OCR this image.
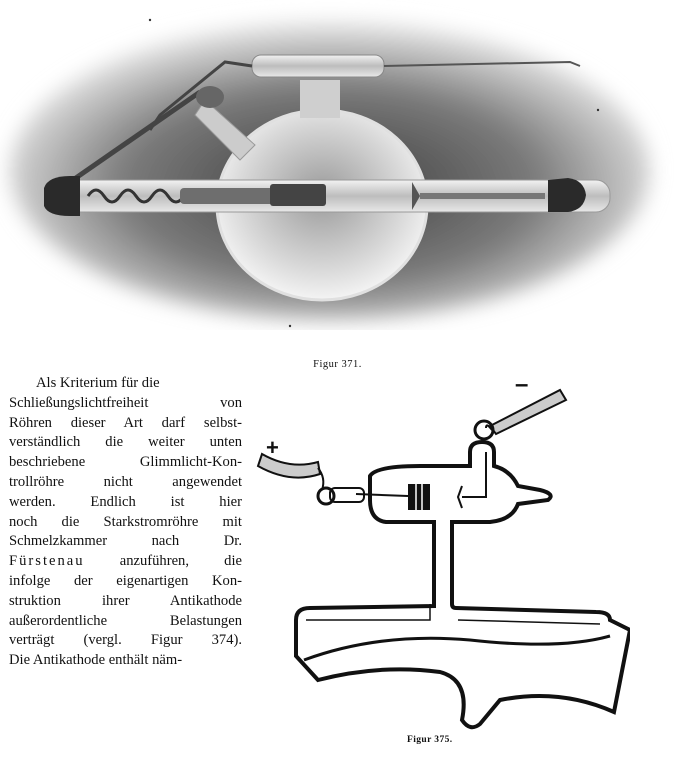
Figur 371.
Als Kriterium für die
Schließungslichtfreiheit von
Röhren dieser Art darf selbst-
verständlich die weiter unten
beschriebene Glimmlicht-Kon-
trollröhre nicht angewendet
werden. Endlich ist hier
noch die Starkstromröhre mit
Schmelzkammer nach Dr.
Fürstenau anzuführen, die
infolge der eigenartigen Kon-
struktion ihrer Antikathode
außerordentliche Belastungen
verträgt (vergl. Figur 374).
Die Antikathode enthält näm-
+
–
Figur 375.
